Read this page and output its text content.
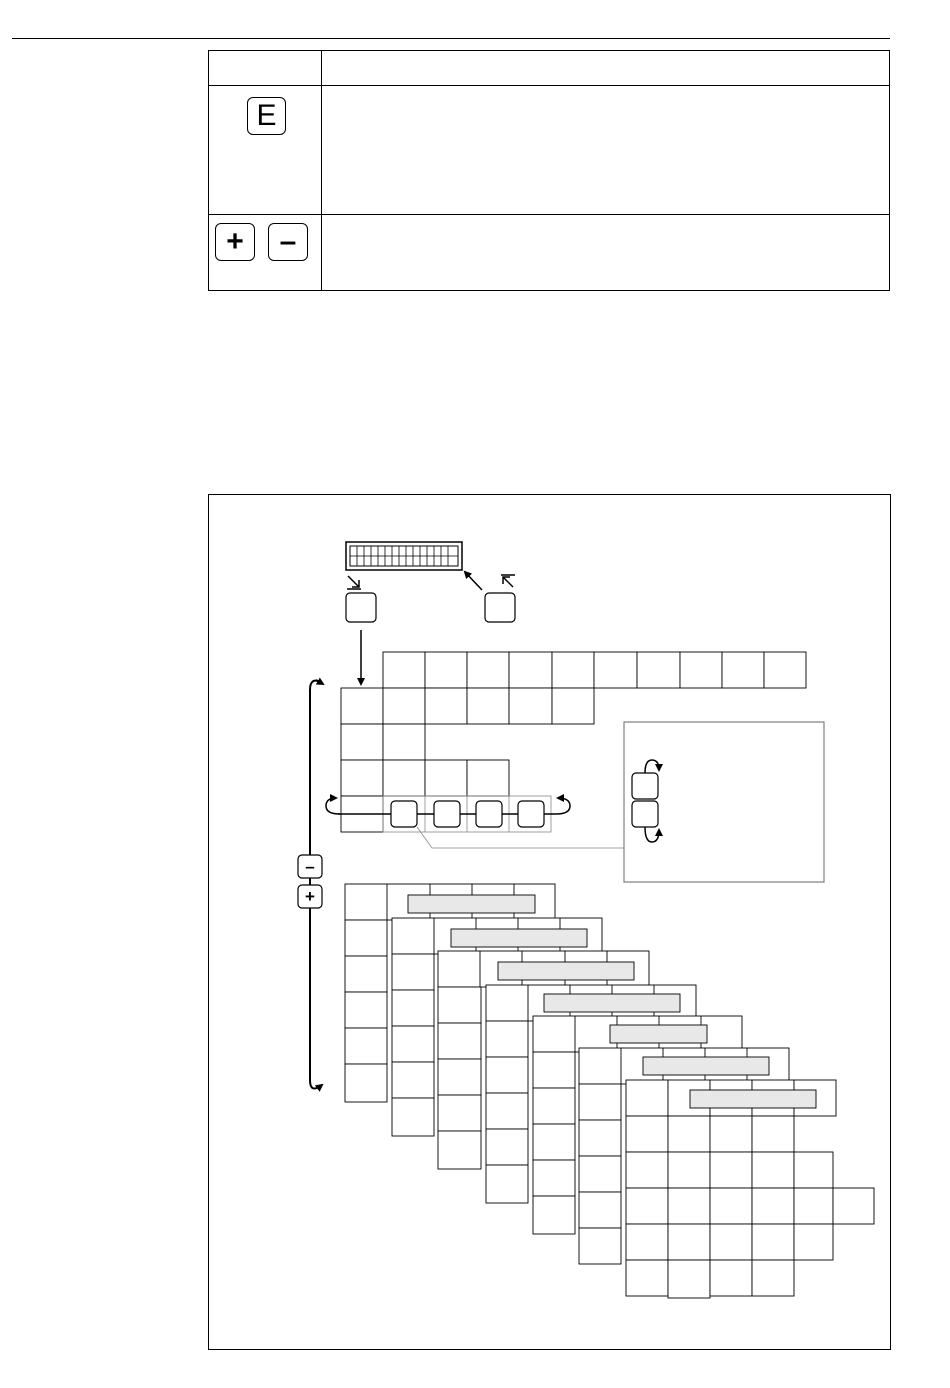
E
+ –
–
+
